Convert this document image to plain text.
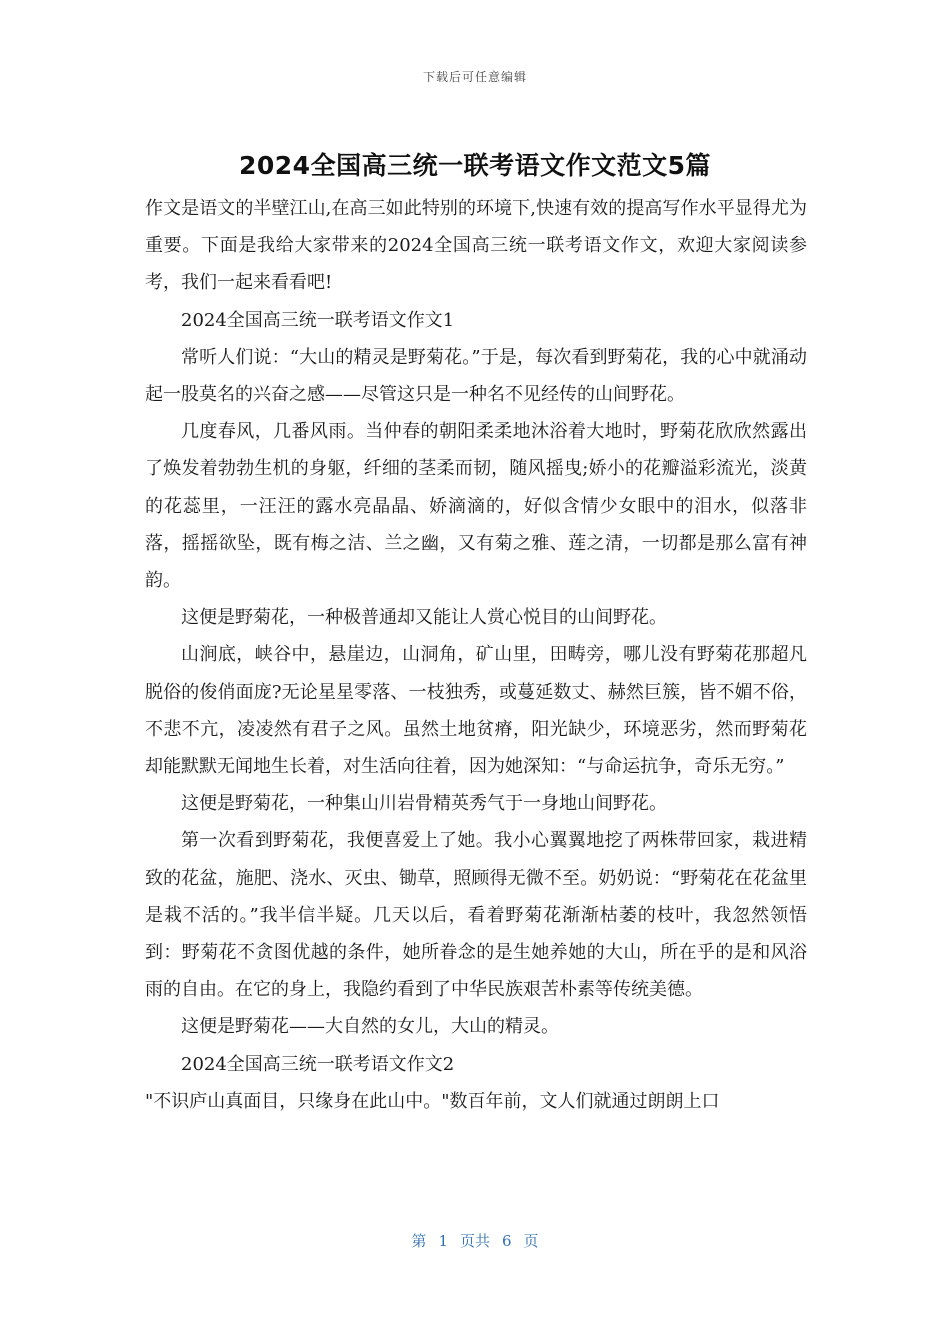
下载后可任意编辑
2024全国高三统一联考语文作文范文5篇

作文是语文的半壁江山,在高三如此特别的环境下,快速有效的提高写作水平显得尤为重要。下面是我给大家带来的2024全国高三统一联考语文作文，欢迎大家阅读参考，我们一起来看看吧!

2024全国高三统一联考语文作文1

常听人们说：“大山的精灵是野菊花。”于是，每次看到野菊花，我的心中就涌动起一股莫名的兴奋之感——尽管这只是一种名不见经传的山间野花。

几度春风，几番风雨。当仲春的朝阳柔柔地沐浴着大地时，野菊花欣欣然露出了焕发着勃勃生机的身躯，纤细的茎柔而韧，随风摇曳;娇小的花瓣溢彩流光，淡黄的花蕊里，一汪汪的露水亮晶晶、娇滴滴的，好似含情少女眼中的泪水，似落非落，摇摇欲坠，既有梅之洁、兰之幽，又有菊之雅、莲之清，一切都是那么富有神韵。

这便是野菊花，一种极普通却又能让人赏心悦目的山间野花。

山涧底，峡谷中，悬崖边，山洞角，矿山里，田畴旁，哪儿没有野菊花那超凡脱俗的俊俏面庞?无论星星零落、一枝独秀，或蔓延数丈、赫然巨簇，皆不媚不俗，不悲不亢，凌凌然有君子之风。虽然土地贫瘠，阳光缺少，环境恶劣，然而野菊花却能默默无闻地生长着，对生活向往着，因为她深知：“与命运抗争，奇乐无穷。”

这便是野菊花，一种集山川岩骨精英秀气于一身地山间野花。

第一次看到野菊花，我便喜爱上了她。我小心翼翼地挖了两株带回家，栽进精致的花盆，施肥、浇水、灭虫、锄草，照顾得无微不至。奶奶说：“野菊花在花盆里是栽不活的。”我半信半疑。几天以后，看着野菊花渐渐枯萎的枝叶，我忽然领悟到：野菊花不贪图优越的条件，她所眷念的是生她养她的大山，所在乎的是和风浴雨的自由。在它的身上，我隐约看到了中华民族艰苦朴素等传统美德。

这便是野菊花——大自然的女儿，大山的精灵。

2024全国高三统一联考语文作文2

"不识庐山真面目，只缘身在此山中。"数百年前，文人们就通过朗朗上口

第 1 页共 6 页
